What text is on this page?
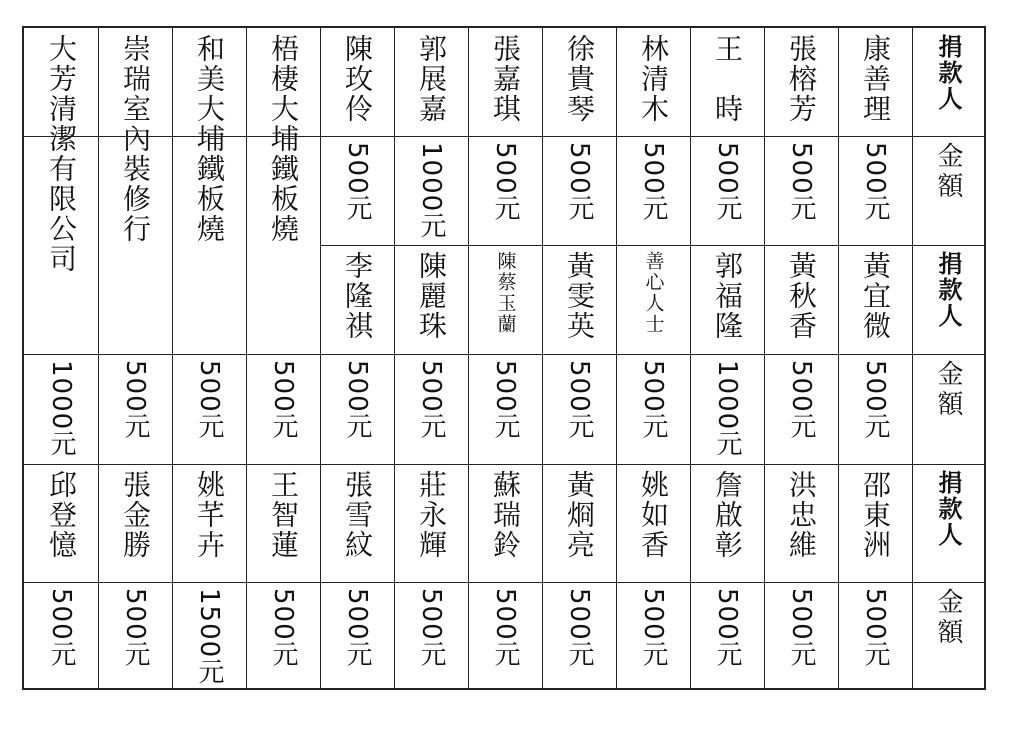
捐款人
金額
捐款人
金額
捐款人
金額
康善理
500元
黃宜微
500元
邵東洲
500元
張榕芳
500元
黃秋香
500元
洪忠維
500元
王　時
500元
郭福隆
1000元
詹啟彰
500元
林清木
500元
善心人士
500元
姚如香
500元
徐貴琴
500元
黃雯英
500元
黃烱亮
500元
張嘉琪
500元
陳蔡玉蘭
500元
蘇瑞鈴
500元
郭展嘉
1000元
陳麗珠
500元
莊永輝
500元
陳玫伶
500元
李隆祺
500元
張雪紋
500元
梧棲大埔鐵板燒
500元
王智蓮
500元
和美大埔鐵板燒
500元
姚芊卉
1500元
崇瑞室內裝修行
500元
張金勝
500元
大芳清潔有限公司
1000元
邱登憶
500元
